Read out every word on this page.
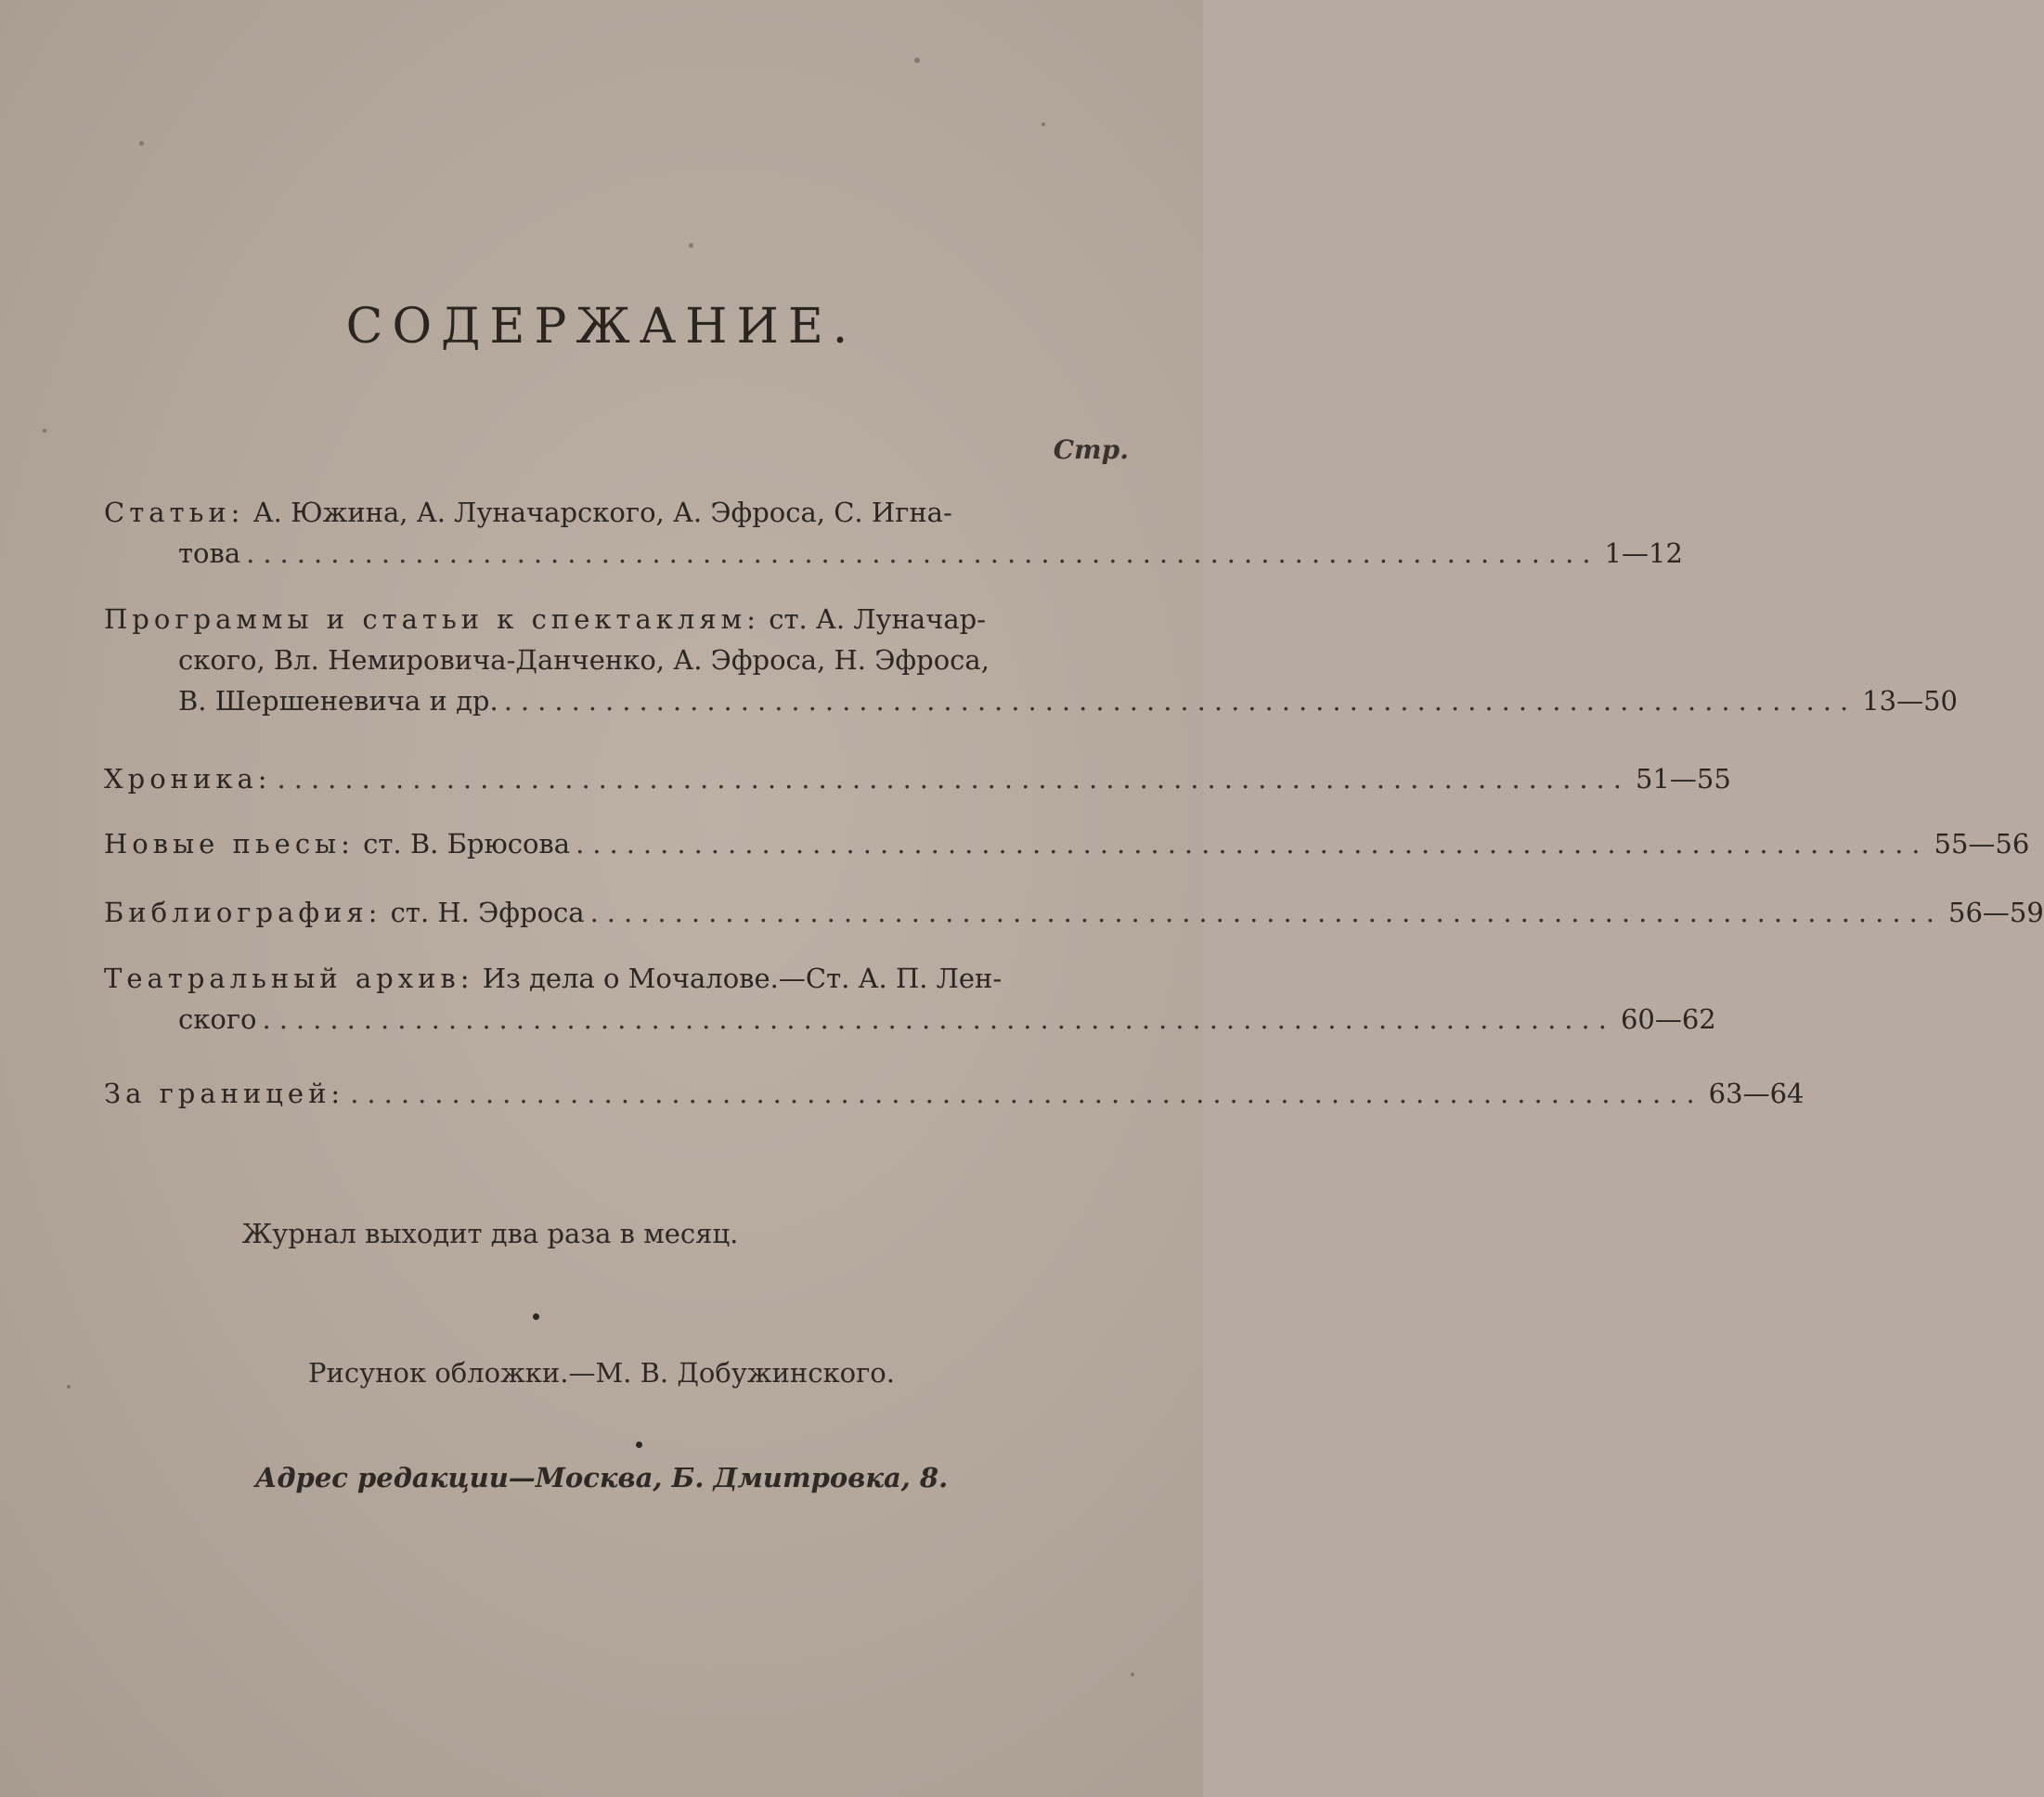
СОДЕРЖАНИЕ.
Стр.
Статьи: А. Южина, А. Луначарского, А. Эфроса, С. Игна-
това ................................................................................ 1—12
Программы и статьи к спектаклям: ст. А. Луначар-
ского, Вл. Немировича-Данченко, А. Эфроса, Н. Эфроса,
В. Шершеневича и др. ................................................................................ 13—50
Хроника: ................................................................................ 51—55
Новые пьесы:
ст. В. Брюсова ................................................................................ 55—56
Библиография:
ст. Н. Эфроса ................................................................................ 56—59
Театральный архив: Из дела о Мочалове.—Ст. А. П. Лен-
ского ................................................................................ 60—62
За границей: ................................................................................ 63—64
Журнал выходит два раза в месяц.
Рисунок обложки.—М. В. Добужинского.
Адрес редакции—Москва, Б. Дмитровка, 8.
